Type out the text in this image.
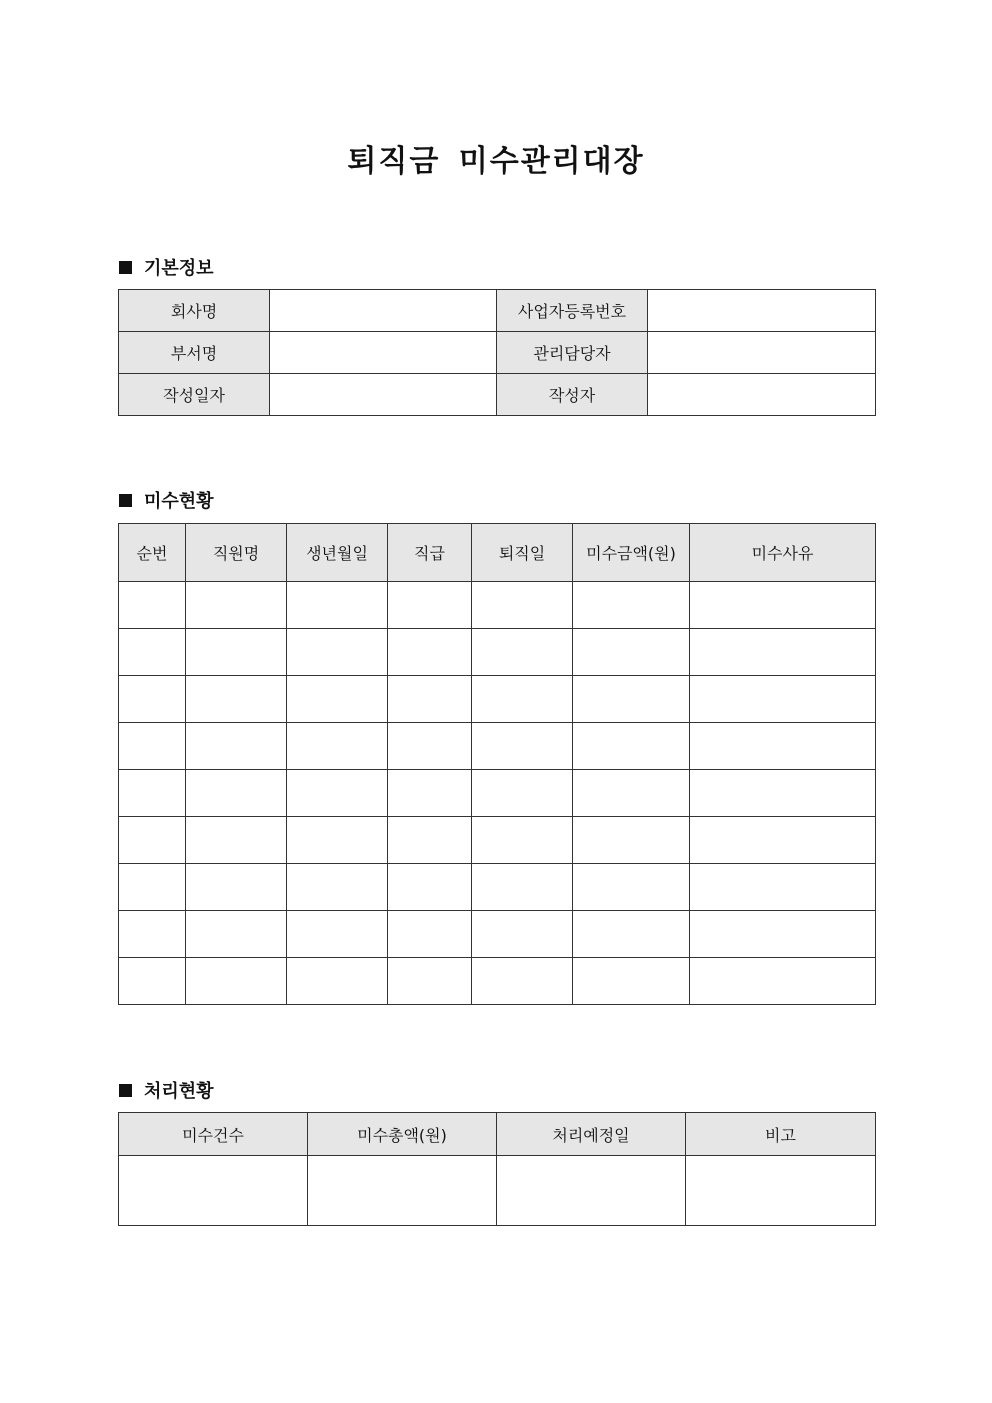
퇴직금 미수관리대장
기본정보
회사명		사업자등록번호	
부서명		관리담당자	
작성일자		작성자	
미수현황
순번	직원명	생년월일	직급	퇴직일	미수금액(원)	미수사유

처리현황
미수건수	미수총액(원)	처리예정일	비고
